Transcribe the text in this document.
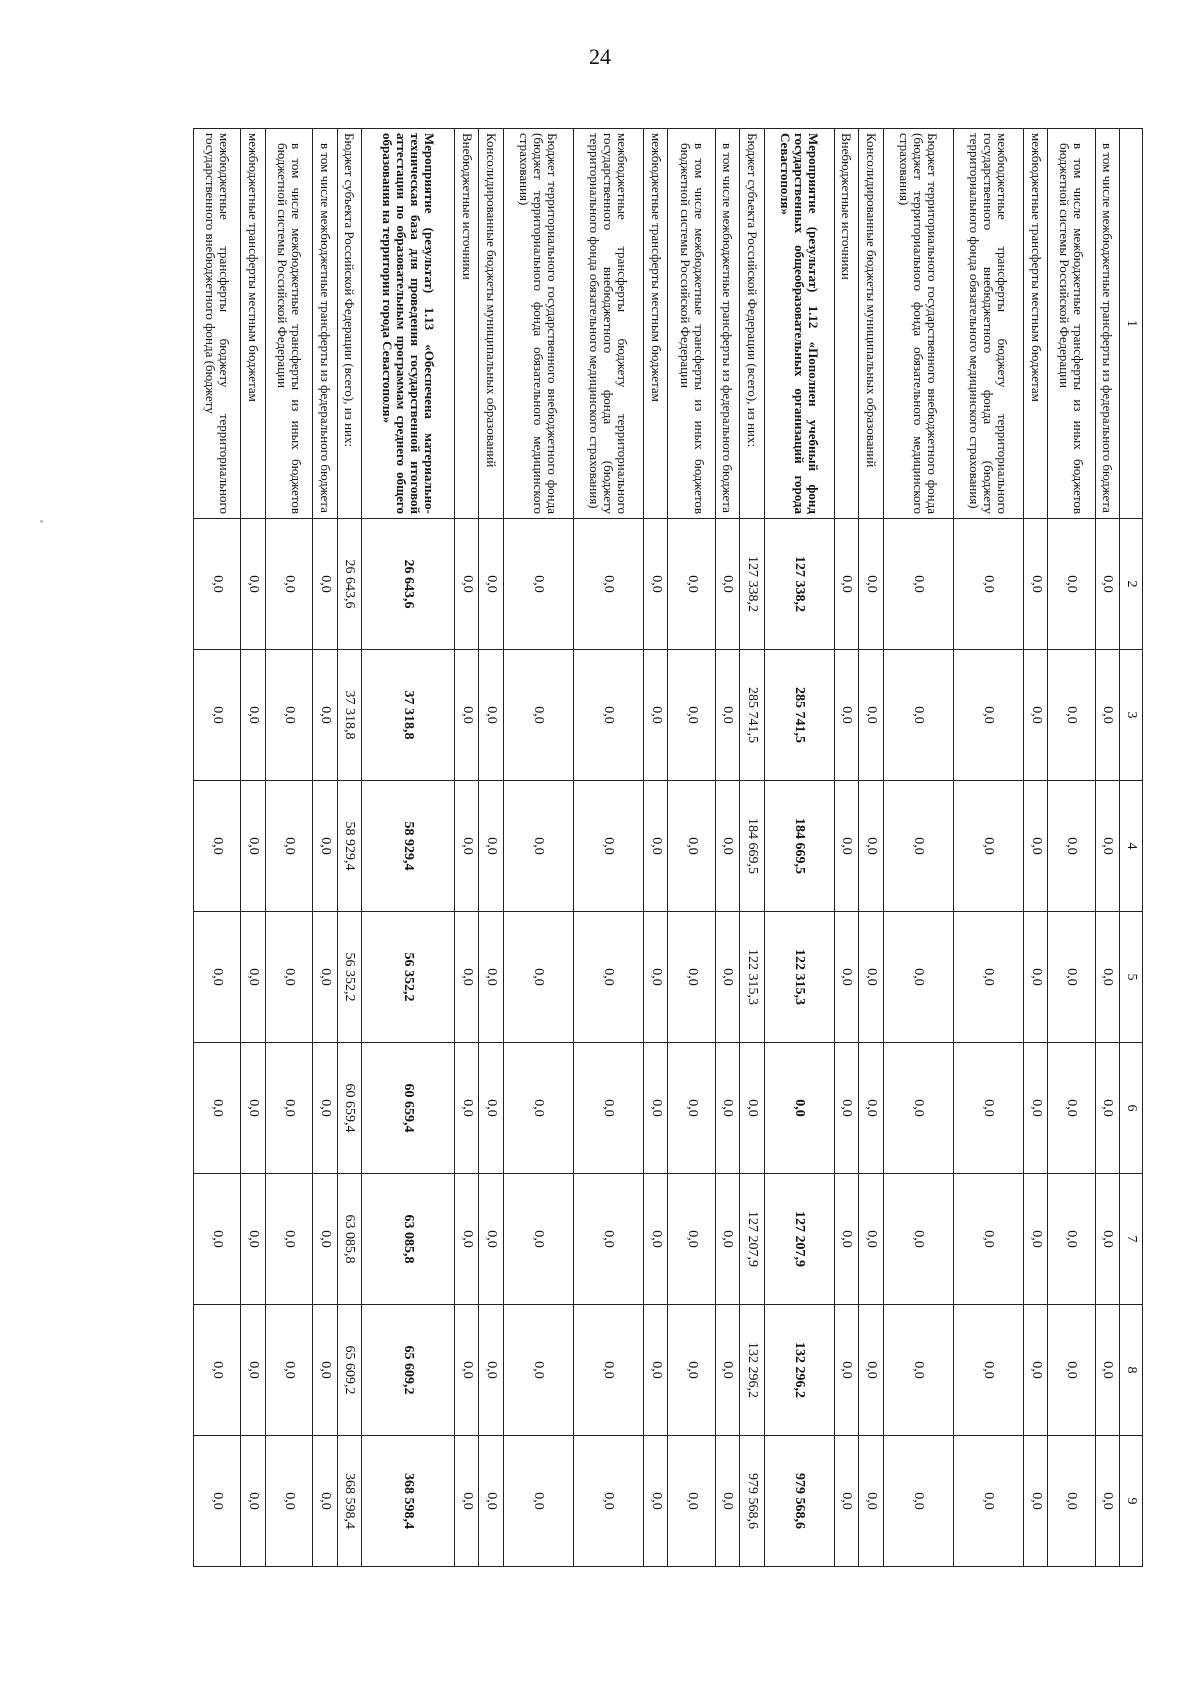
24
1	2	3	4	5	6	7	8	9
в том числе межбюджетные трансферты из федерального бюджета	0,0	0,0	0,0	0,0	0,0	0,0	0,0	0,0
в том числе межбюджетные трансферты из иных бюджетов бюджетной системы Российской Федерации	0,0	0,0	0,0	0,0	0,0	0,0	0,0	0,0
межбюджетные трансферты местным бюджетам	0,0	0,0	0,0	0,0	0,0	0,0	0,0	0,0
межбюджетные трансферты бюджету территориального государственного внебюджетного фонда (бюджету территориального фонда обязательного медицинского страхования)	0,0	0,0	0,0	0,0	0,0	0,0	0,0	0,0
Бюджет территориального государственного внебюджетного фонда (бюджет территориального фонда обязательного медицинского страхования)	0,0	0,0	0,0	0,0	0,0	0,0	0,0	0,0
Консолидированные бюджеты муниципальных образований	0,0	0,0	0,0	0,0	0,0	0,0	0,0	0,0
Внебюджетные источники	0,0	0,0	0,0	0,0	0,0	0,0	0,0	0,0
Мероприятие (результат) 1.12 «Пополнен учебный фонд государственных общеобразовательных организаций города Севастополя»	127 338,2	285 741,5	184 669,5	122 315,3	0,0	127 207,9	132 296,2	979 568,6
Бюджет субъекта Российской Федерации (всего), из них:	127 338,2	285 741,5	184 669,5	122 315,3	0,0	127 207,9	132 296,2	979 568,6
в том числе межбюджетные трансферты из федерального бюджета	0,0	0,0	0,0	0,0	0,0	0,0	0,0	0,0
в том числе межбюджетные трансферты из иных бюджетов бюджетной системы Российской Федерации	0,0	0,0	0,0	0,0	0,0	0,0	0,0	0,0
межбюджетные трансферты местным бюджетам	0,0	0,0	0,0	0,0	0,0	0,0	0,0	0,0
межбюджетные трансферты бюджету территориального государственного внебюджетного фонда (бюджету территориального фонда обязательного медицинского страхования)	0,0	0,0	0,0	0,0	0,0	0,0	0,0	0,0
Бюджет территориального государственного внебюджетного фонда (бюджет территориального фонда обязательного медицинского страхования)	0,0	0,0	0,0	0,0	0,0	0,0	0,0	0,0
Консолидированные бюджеты муниципальных образований	0,0	0,0	0,0	0,0	0,0	0,0	0,0	0,0
Внебюджетные источники	0,0	0,0	0,0	0,0	0,0	0,0	0,0	0,0
Мероприятие (результат) 1.13 «Обеспечена материально-техническая база для проведения государственной итоговой аттестации по образовательным программам среднего общего образования на территории города Севастополя»	26 643,6	37 318,8	58 929,4	56 352,2	60 659,4	63 085,8	65 609,2	368 598,4
Бюджет субъекта Российской Федерации (всего), из них:	26 643,6	37 318,8	58 929,4	56 352,2	60 659,4	63 085,8	65 609,2	368 598,4
в том числе межбюджетные трансферты из федерального бюджета	0,0	0,0	0,0	0,0	0,0	0,0	0,0	0,0
в том числе межбюджетные трансферты из иных бюджетов бюджетной системы Российской Федерации	0,0	0,0	0,0	0,0	0,0	0,0	0,0	0,0
межбюджетные трансферты местным бюджетам	0,0	0,0	0,0	0,0	0,0	0,0	0,0	0,0
межбюджетные трансферты бюджету территориального государственного внебюджетного фонда (бюджету	0,0	0,0	0,0	0,0	0,0	0,0	0,0	0,0
